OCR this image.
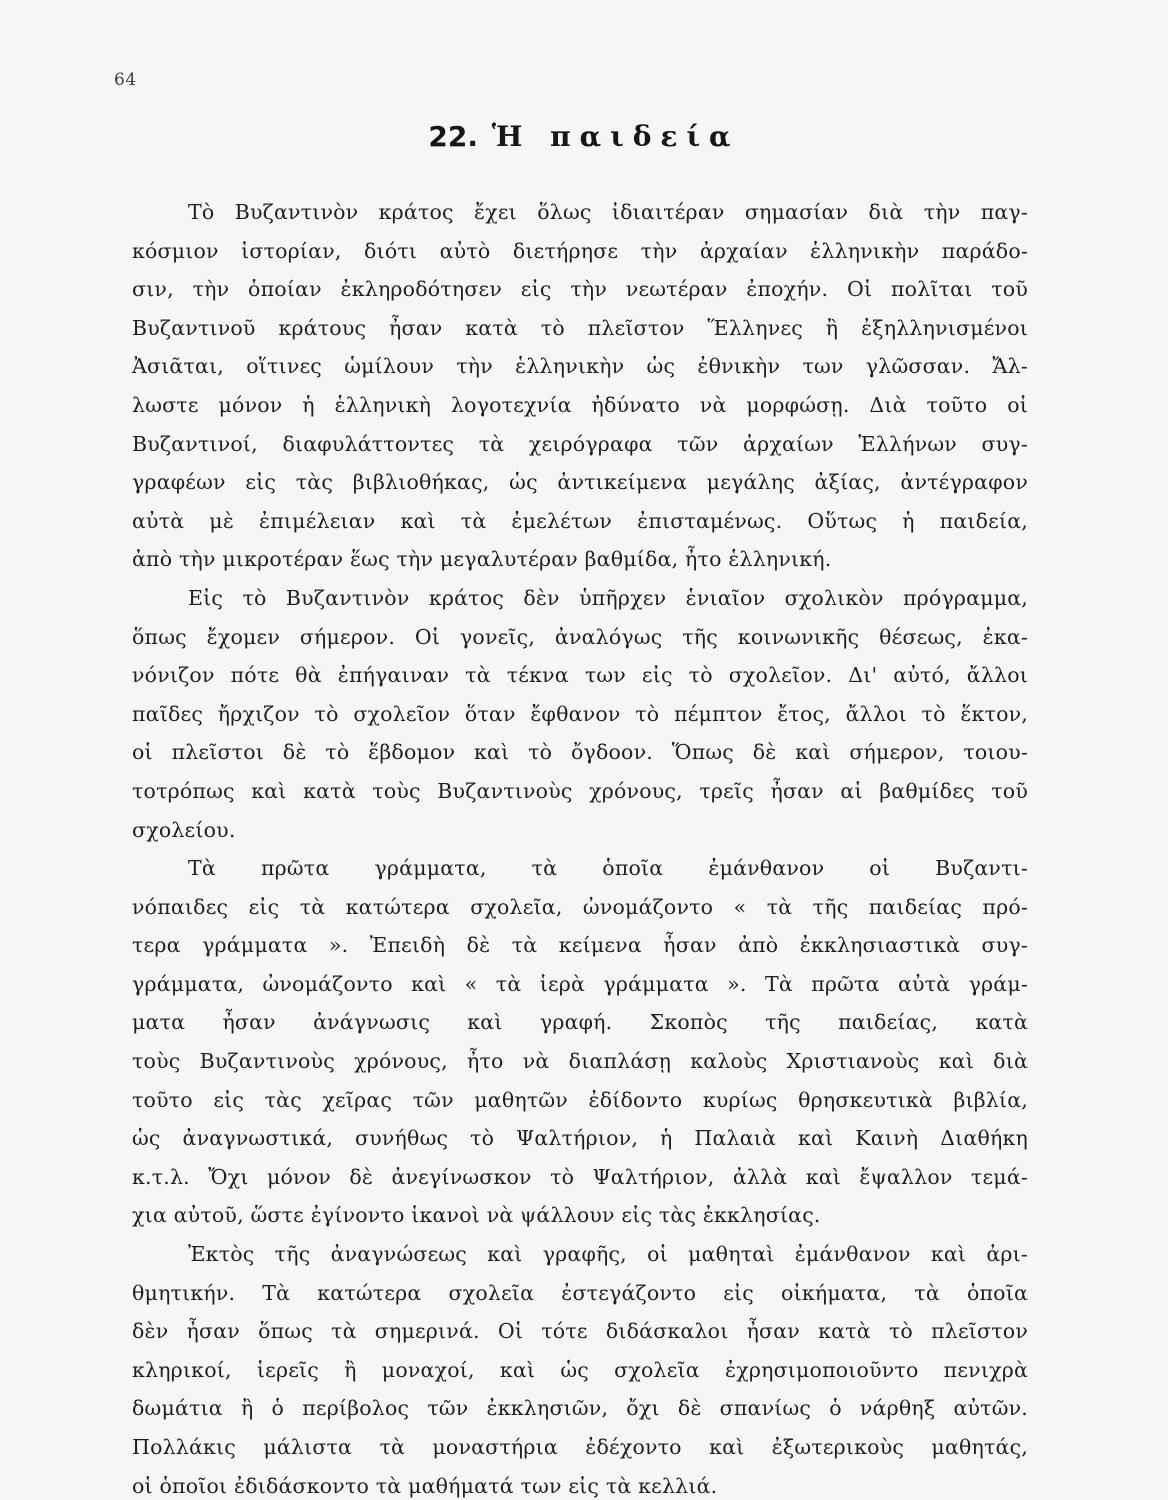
64
22. Ἡ παιδεία
Τὸ Βυζαντινὸν κράτος ἔχει ὅλως ἰδιαιτέραν σημασίαν διὰ τὴν παγ-
κόσμιον ἱστορίαν, διότι αὐτὸ διετήρησε τὴν ἀρχαίαν ἑλληνικὴν παράδο-
σιν, τὴν ὁποίαν ἐκληροδότησεν εἰς τὴν νεωτέραν ἐποχήν. Οἱ πολῖται τοῦ
Βυζαντινοῦ κράτους ἦσαν κατὰ τὸ πλεῖστον Ἕλληνες ἢ ἐξηλληνισμένοι
Ἀσιᾶται, οἵτινες ὡμίλουν τὴν ἑλληνικὴν ὡς ἐθνικὴν των γλῶσσαν. Ἄλ-
λωστε μόνον ἡ ἑλληνικὴ λογοτεχνία ἠδύνατο νὰ μορφώσῃ. Διὰ τοῦτο οἱ
Βυζαντινοί, διαφυλάττοντες τὰ χειρόγραφα τῶν ἀρχαίων Ἑλλήνων συγ-
γραφέων εἰς τὰς βιβλιοθήκας, ὡς ἀντικείμενα μεγάλης ἀξίας, ἀντέγραφον
αὐτὰ μὲ ἐπιμέλειαν καὶ τὰ ἐμελέτων ἐπισταμένως. Οὕτως ἡ παιδεία,
ἀπὸ τὴν μικροτέραν ἕως τὴν μεγαλυτέραν βαθμίδα, ἦτο ἑλληνική.
Εἰς τὸ Βυζαντινὸν κράτος δὲν ὑπῆρχεν ἑνιαῖον σχολικὸν πρόγραμμα,
ὅπως ἔχομεν σήμερον. Οἱ γονεῖς, ἀναλόγως τῆς κοινωνικῆς θέσεως, ἐκα-
νόνιζον πότε θὰ ἐπήγαιναν τὰ τέκνα των εἰς τὸ σχολεῖον. Δι' αὐτό, ἄλλοι
παῖδες ἤρχιζον τὸ σχολεῖον ὅταν ἔφθανον τὸ πέμπτον ἔτος, ἄλλοι τὸ ἕκτον,
οἱ πλεῖστοι δὲ τὸ ἕβδομον καὶ τὸ ὄγδοον. Ὅπως δὲ καὶ σήμερον, τοιου-
τοτρόπως καὶ κατὰ τοὺς Βυζαντινοὺς χρόνους, τρεῖς ἦσαν αἱ βαθμίδες τοῦ
σχολείου.
Τὰ πρῶτα γράμματα, τὰ ὁποῖα ἐμάνθανον οἱ Βυζαντι-
νόπαιδες εἰς τὰ κατώτερα σχολεῖα, ὠνομάζοντο « τὰ τῆς παιδείας πρό-
τερα γράμματα ». Ἐπειδὴ δὲ τὰ κείμενα ἦσαν ἀπὸ ἐκκλησιαστικὰ συγ-
γράμματα, ὠνομάζοντο καὶ « τὰ ἱερὰ γράμματα ». Τὰ πρῶτα αὐτὰ γράμ-
ματα ἦσαν ἀνάγνωσις καὶ γραφή. Σκοπὸς τῆς παιδείας, κατὰ
τοὺς Βυζαντινοὺς χρόνους, ἦτο νὰ διαπλάσῃ καλοὺς Χριστιανοὺς καὶ διὰ
τοῦτο εἰς τὰς χεῖρας τῶν μαθητῶν ἐδίδοντο κυρίως θρησκευτικὰ βιβλία,
ὡς ἀναγνωστικά, συνήθως τὸ Ψαλτήριον, ἡ Παλαιὰ καὶ Καινὴ Διαθήκη
κ.τ.λ. Ὄχι μόνον δὲ ἀνεγίνωσκον τὸ Ψαλτήριον, ἀλλὰ καὶ ἔψαλλον τεμά-
χια αὐτοῦ, ὥστε ἐγίνοντο ἱκανοὶ νὰ ψάλλουν εἰς τὰς ἐκκλησίας.
Ἐκτὸς τῆς ἀναγνώσεως καὶ γραφῆς, οἱ μαθηταὶ ἐμάνθανον καὶ ἀρι-
θμητικήν. Τὰ κατώτερα σχολεῖα ἐστεγάζοντο εἰς οἰκήματα, τὰ ὁποῖα
δὲν ἦσαν ὅπως τὰ σημερινά. Οἱ τότε διδάσκαλοι ἦσαν κατὰ τὸ πλεῖστον
κληρικοί, ἱερεῖς ἢ μοναχοί, καὶ ὡς σχολεῖα ἐχρησιμοποιοῦντο πενιχρὰ
δωμάτια ἢ ὁ περίβολος τῶν ἐκκλησιῶν, ὄχι δὲ σπανίως ὁ νάρθηξ αὐτῶν.
Πολλάκις μάλιστα τὰ μοναστήρια ἐδέχοντο καὶ ἐξωτερικοὺς μαθητάς,
οἱ ὁποῖοι ἐδιδάσκοντο τὰ μαθήματά των εἰς τὰ κελλιά.
